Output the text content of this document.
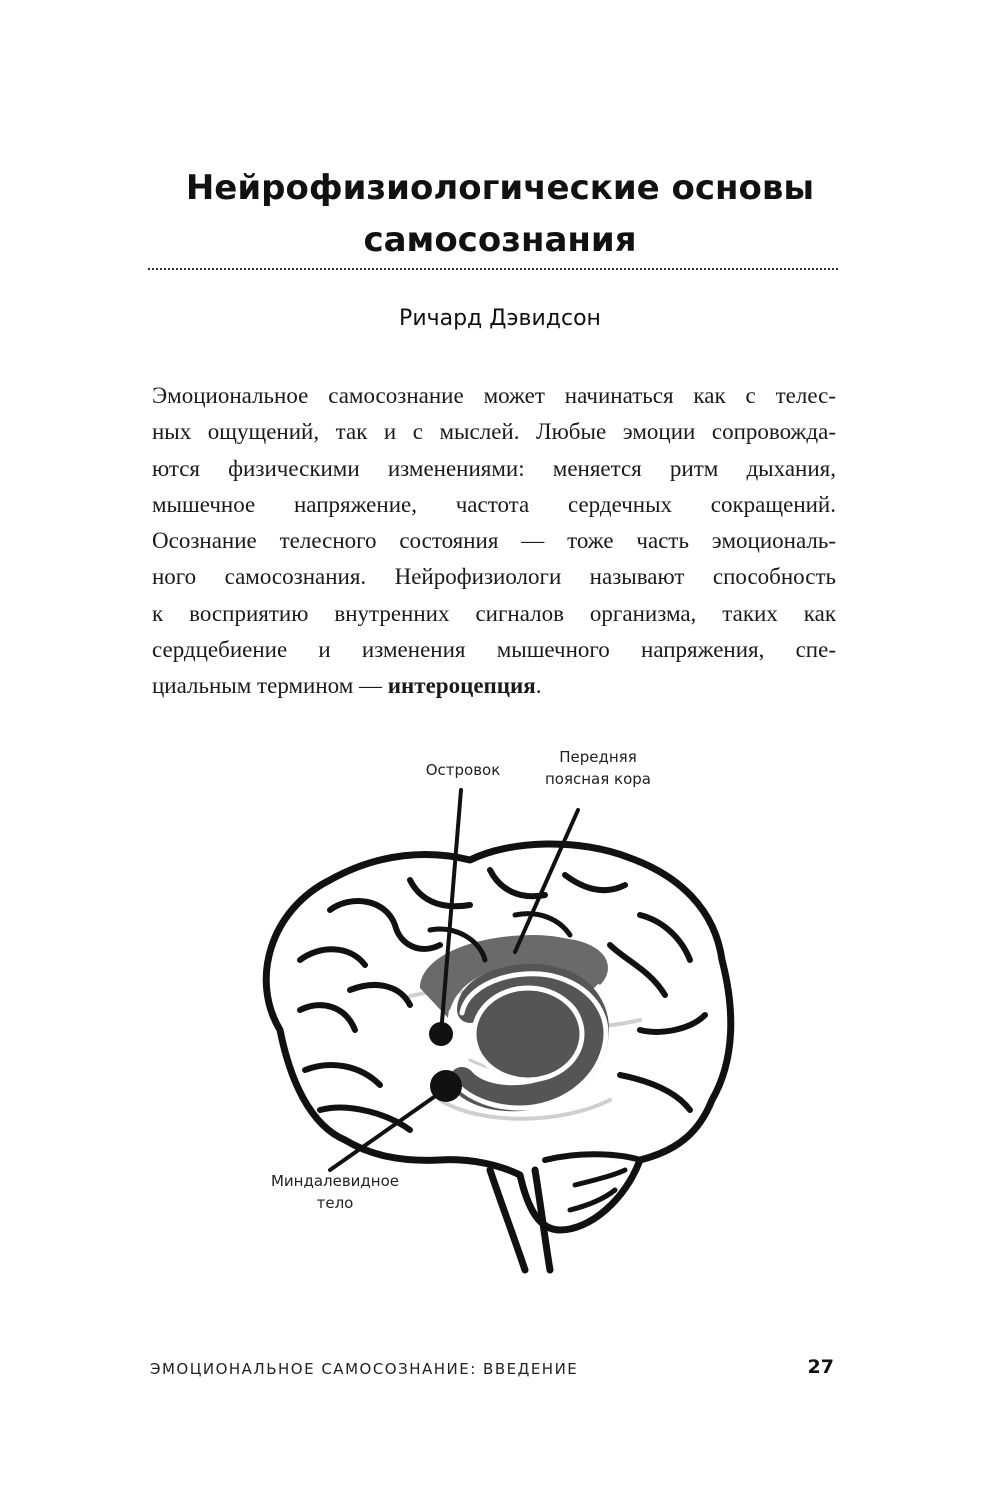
Нейрофизиологические основы
самосознания
Ричард Дэвидсон
Эмоциональное самосознание может начинаться как с телес-
ных ощущений, так и с мыслей. Любые эмоции сопровожда-
ются физическими изменениями: меняется ритм дыхания,
мышечное напряжение, частота сердечных сокращений.
Осознание телесного состояния — тоже часть эмоциональ-
ного самосознания. Нейрофизиологи называют способность
к восприятию внутренних сигналов организма, таких как
сердцебиение и изменения мышечного напряжения, спе-
циальным термином — интероцепция.
Островок
Передняя
поясная кора
Миндалевидное
тело
ЭМОЦИОНАЛЬНОЕ САМОСОЗНАНИЕ: ВВЕДЕНИЕ	27
